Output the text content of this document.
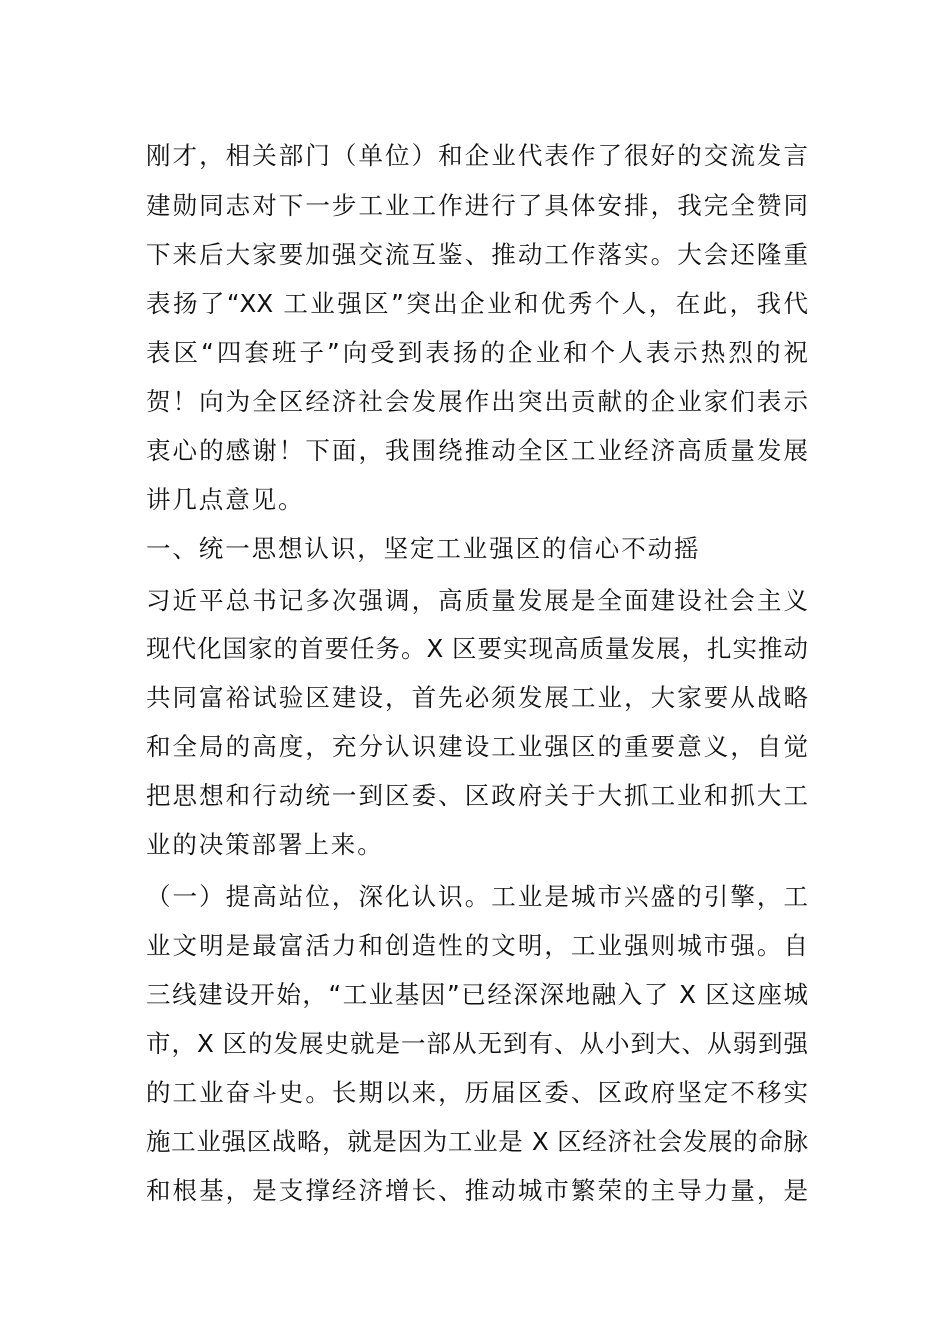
刚才，相关部门（单位）和企业代表作了很好的交流发言
建勋同志对下一步工业工作进行了具体安排，我完全赞同
下来后大家要加强交流互鉴、推动工作落实。大会还隆重
表扬了“XX 工业强区”突出企业和优秀个人，在此，我代
表区“四套班子”向受到表扬的企业和个人表示热烈的祝
贺！向为全区经济社会发展作出突出贡献的企业家们表示
衷心的感谢！下面，我围绕推动全区工业经济高质量发展
讲几点意见。
一、统一思想认识，坚定工业强区的信心不动摇
习近平总书记多次强调，高质量发展是全面建设社会主义
现代化国家的首要任务。X 区要实现高质量发展，扎实推动
共同富裕试验区建设，首先必须发展工业，大家要从战略
和全局的高度，充分认识建设工业强区的重要意义，自觉
把思想和行动统一到区委、区政府关于大抓工业和抓大工
业的决策部署上来。
（一）提高站位，深化认识。工业是城市兴盛的引擎，工
业文明是最富活力和创造性的文明，工业强则城市强。自
三线建设开始，“工业基因”已经深深地融入了 X 区这座城
市，X 区的发展史就是一部从无到有、从小到大、从弱到强
的工业奋斗史。长期以来，历届区委、区政府坚定不移实
施工业强区战略，就是因为工业是 X 区经济社会发展的命脉
和根基，是支撑经济增长、推动城市繁荣的主导力量，是
